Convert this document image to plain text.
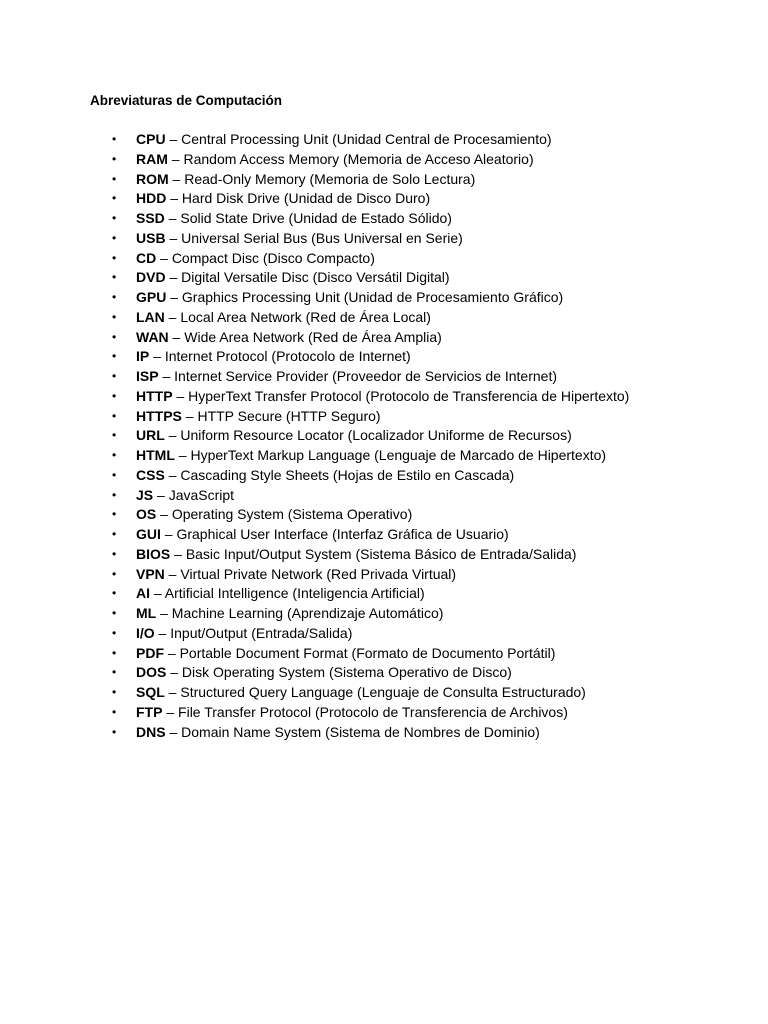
Abreviaturas de Computación
• CPU – Central Processing Unit (Unidad Central de Procesamiento)
• RAM – Random Access Memory (Memoria de Acceso Aleatorio)
• ROM – Read-Only Memory (Memoria de Solo Lectura)
• HDD – Hard Disk Drive (Unidad de Disco Duro)
• SSD – Solid State Drive (Unidad de Estado Sólido)
• USB – Universal Serial Bus (Bus Universal en Serie)
• CD – Compact Disc (Disco Compacto)
• DVD – Digital Versatile Disc (Disco Versátil Digital)
• GPU – Graphics Processing Unit (Unidad de Procesamiento Gráfico)
• LAN – Local Area Network (Red de Área Local)
• WAN – Wide Area Network (Red de Área Amplia)
• IP – Internet Protocol (Protocolo de Internet)
• ISP – Internet Service Provider (Proveedor de Servicios de Internet)
• HTTP – HyperText Transfer Protocol (Protocolo de Transferencia de Hipertexto)
• HTTPS – HTTP Secure (HTTP Seguro)
• URL – Uniform Resource Locator (Localizador Uniforme de Recursos)
• HTML – HyperText Markup Language (Lenguaje de Marcado de Hipertexto)
• CSS – Cascading Style Sheets (Hojas de Estilo en Cascada)
• JS – JavaScript
• OS – Operating System (Sistema Operativo)
• GUI – Graphical User Interface (Interfaz Gráfica de Usuario)
• BIOS – Basic Input/Output System (Sistema Básico de Entrada/Salida)
• VPN – Virtual Private Network (Red Privada Virtual)
• AI – Artificial Intelligence (Inteligencia Artificial)
• ML – Machine Learning (Aprendizaje Automático)
• I/O – Input/Output (Entrada/Salida)
• PDF – Portable Document Format (Formato de Documento Portátil)
• DOS – Disk Operating System (Sistema Operativo de Disco)
• SQL – Structured Query Language (Lenguaje de Consulta Estructurado)
• FTP – File Transfer Protocol (Protocolo de Transferencia de Archivos)
• DNS – Domain Name System (Sistema de Nombres de Dominio)
